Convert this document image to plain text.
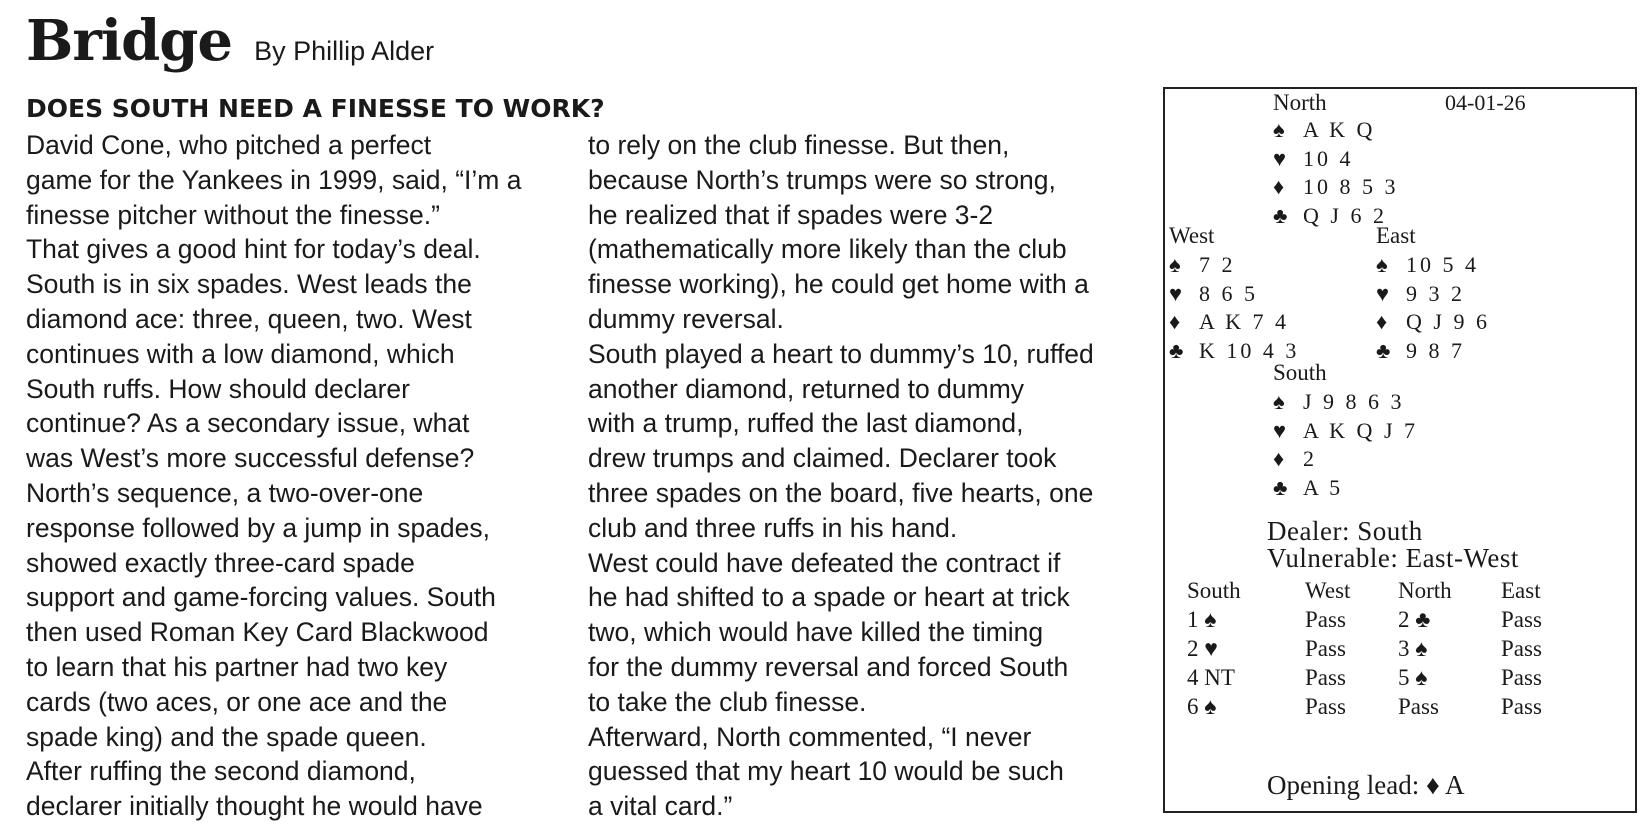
Bridge By Phillip Alder
DOES SOUTH NEED A FINESSE TO WORK?
David Cone, who pitched a perfect
game for the Yankees in 1999, said, “I’m a
finesse pitcher without the finesse.”
That gives a good hint for today’s deal.
South is in six spades. West leads the
diamond ace: three, queen, two. West
continues with a low diamond, which
South ruffs. How should declarer
continue? As a secondary issue, what
was West’s more successful defense?
North’s sequence, a two-over-one
response followed by a jump in spades,
showed exactly three-card spade
support and game-forcing values. South
then used Roman Key Card Blackwood
to learn that his partner had two key
cards (two aces, or one ace and the
spade king) and the spade queen.
After ruffing the second diamond,
declarer initially thought he would have
to rely on the club finesse. But then,
because North’s trumps were so strong,
he realized that if spades were 3-2
(mathematically more likely than the club
finesse working), he could get home with a
dummy reversal.
South played a heart to dummy’s 10, ruffed
another diamond, returned to dummy
with a trump, ruffed the last diamond,
drew trumps and claimed. Declarer took
three spades on the board, five hearts, one
club and three ruffs in his hand.
West could have defeated the contract if
he had shifted to a spade or heart at trick
two, which would have killed the timing
for the dummy reversal and forced South
to take the club finesse.
Afterward, North commented, “I never
guessed that my heart 10 would be such
a vital card.”
North	04-01-26
West	East
South
Dealer: South
Vulnerable: East-West
Opening lead: ♦ A
♠ A K Q
♥ 10 4
♦ 10 8 5 3
♣ Q J 6 2
♠ 7 2
♥ 8 6 5
♦ A K 7 4
♣ K 10 4 3
♠ 10 5 4
♥ 9 3 2
♦ Q J 9 6
♣ 9 8 7
♠ J 9 8 6 3
♥ A K Q J 7
♦ 2
♣ A 5
South	West North East
1 ♠	Pass 2 ♣	Pass
2 ♥	Pass 3 ♠	Pass
4 NT	Pass 5 ♠	Pass
6 ♠	Pass Pass	Pass
